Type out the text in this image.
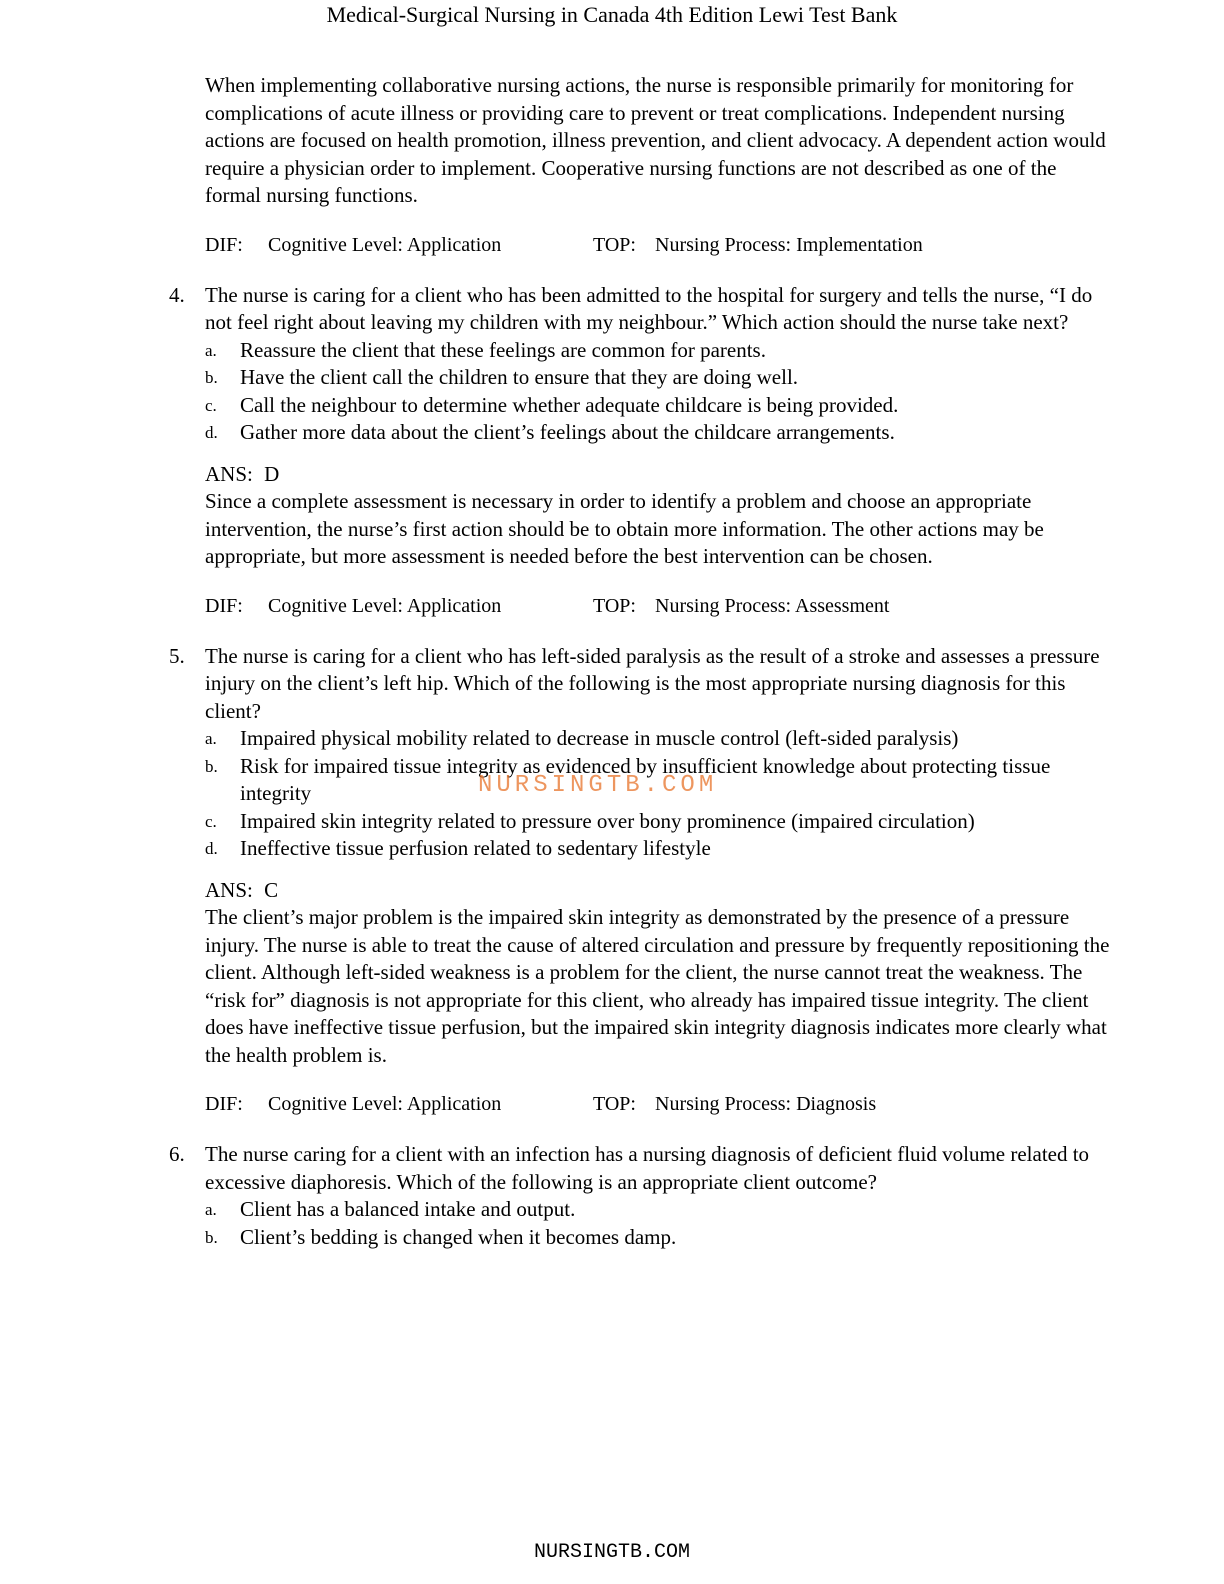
Medical-Surgical Nursing in Canada 4th Edition Lewi Test Bank

When implementing collaborative nursing actions, the nurse is responsible primarily for monitoring for complications of acute illness or providing care to prevent or treat complications. Independent nursing actions are focused on health promotion, illness prevention, and client advocacy. A dependent action would require a physician order to implement. Cooperative nursing functions are not described as one of the formal nursing functions.

DIF: Cognitive Level: Application	TOP: Nursing Process: Implementation
4. The nurse is caring for a client who has been admitted to the hospital for surgery and tells the nurse, “I do not feel right about leaving my children with my neighbour.” Which action should the nurse take next?

a. Reassure the client that these feelings are common for parents.
b. Have the client call the children to ensure that they are doing well.
c. Call the neighbour to determine whether adequate childcare is being provided.
d. Gather more data about the client’s feelings about the childcare arrangements.
ANS: D

Since a complete assessment is necessary in order to identify a problem and choose an appropriate intervention, the nurse’s first action should be to obtain more information. The other actions may be appropriate, but more assessment is needed before the best intervention can be chosen.

DIF: Cognitive Level: Application	TOP: Nursing Process: Assessment
5. The nurse is caring for a client who has left-sided paralysis as the result of a stroke and assesses a pressure injury on the client’s left hip. Which of the following is the most appropriate nursing diagnosis for this client?

a. Impaired physical mobility related to decrease in muscle control (left-sided paralysis)
b. Risk for impaired tissue integrity as evidenced by insufficient knowledge about protecting tissue integrity
c. Impaired skin integrity related to pressure over bony prominence (impaired circulation)
d. Ineffective tissue perfusion related to sedentary lifestyle
ANS: C

The client’s major problem is the impaired skin integrity as demonstrated by the presence of a pressure injury. The nurse is able to treat the cause of altered circulation and pressure by frequently repositioning the client. Although left-sided weakness is a problem for the client, the nurse cannot treat the weakness. The “risk for” diagnosis is not appropriate for this client, who already has impaired tissue integrity. The client does have ineffective tissue perfusion, but the impaired skin integrity diagnosis indicates more clearly what the health problem is.

DIF: Cognitive Level: Application	TOP: Nursing Process: Diagnosis
6. The nurse caring for a client with an infection has a nursing diagnosis of deficient fluid volume related to excessive diaphoresis. Which of the following is an appropriate client outcome?

a. Client has a balanced intake and output.
b. Client’s bedding is changed when it becomes damp.
NURSINGTB.COM
NURSINGTB.COM
